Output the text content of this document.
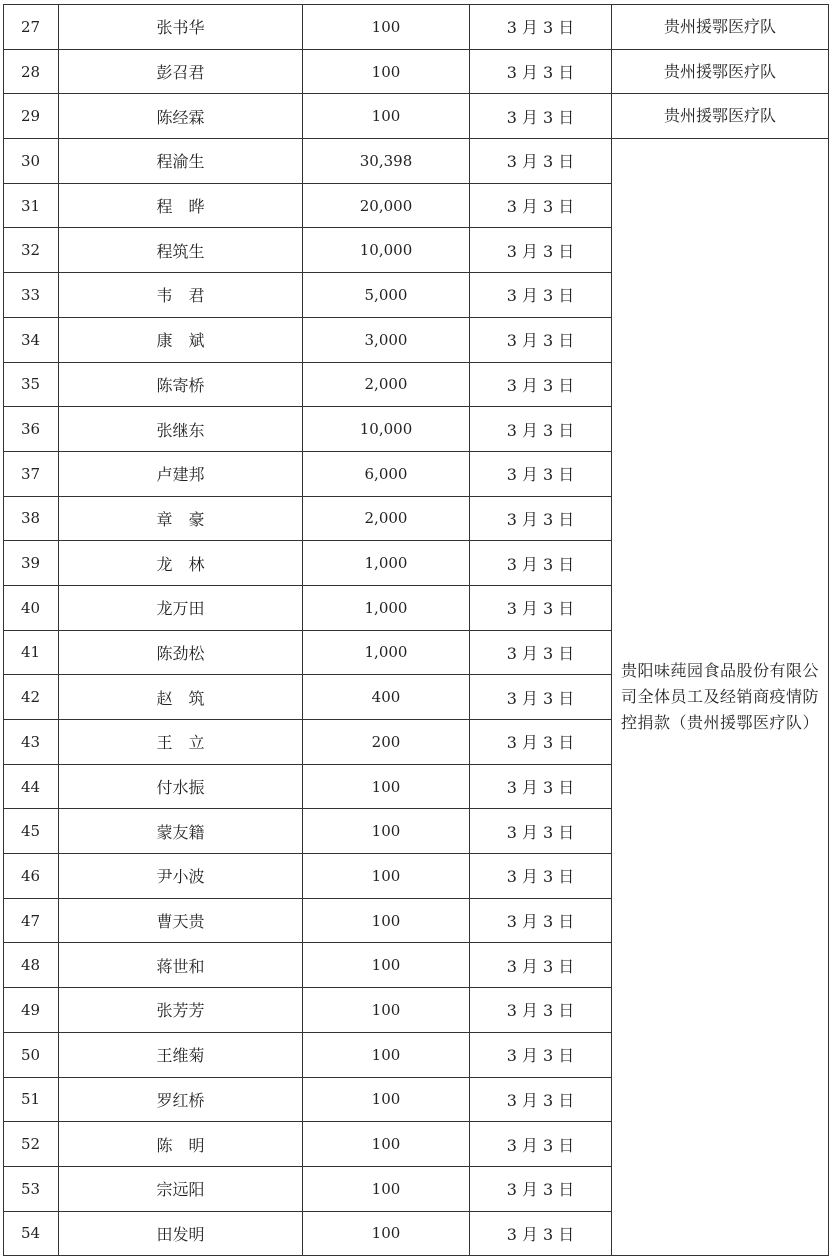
27	张书华	100	3 月 3 日	贵州援鄂医疗队
28	彭召君	100	3 月 3 日	贵州援鄂医疗队
29	陈经霖	100	3 月 3 日	贵州援鄂医疗队
30	程渝生	30,398	3 月 3 日	贵阳味莼园食品股份有限公司全体员工及经销商疫情防控捐款（贵州援鄂医疗队）

31	程　晔	20,000	3 月 3 日	
32	程筑生	10,000	3 月 3 日	
33	韦　君	5,000	3 月 3 日	
34	康　斌	3,000	3 月 3 日	
35	陈寄桥	2,000	3 月 3 日	
36	张继东	10,000	3 月 3 日	
37	卢建邦	6,000	3 月 3 日	
38	章　豪	2,000	3 月 3 日	
39	龙　林	1,000	3 月 3 日	
40	龙万田	1,000	3 月 3 日	
41	陈劲松	1,000	3 月 3 日	
42	赵　筑	400	3 月 3 日	
43	王　立	200	3 月 3 日	
44	付水振	100	3 月 3 日	
45	蒙友籍	100	3 月 3 日	
46	尹小波	100	3 月 3 日	
47	曹天贵	100	3 月 3 日	
48	蒋世和	100	3 月 3 日	
49	张芳芳	100	3 月 3 日	
50	王维菊	100	3 月 3 日	
51	罗红桥	100	3 月 3 日	
52	陈　明	100	3 月 3 日	
53	宗远阳	100	3 月 3 日	
54	田发明	100	3 月 3 日	
